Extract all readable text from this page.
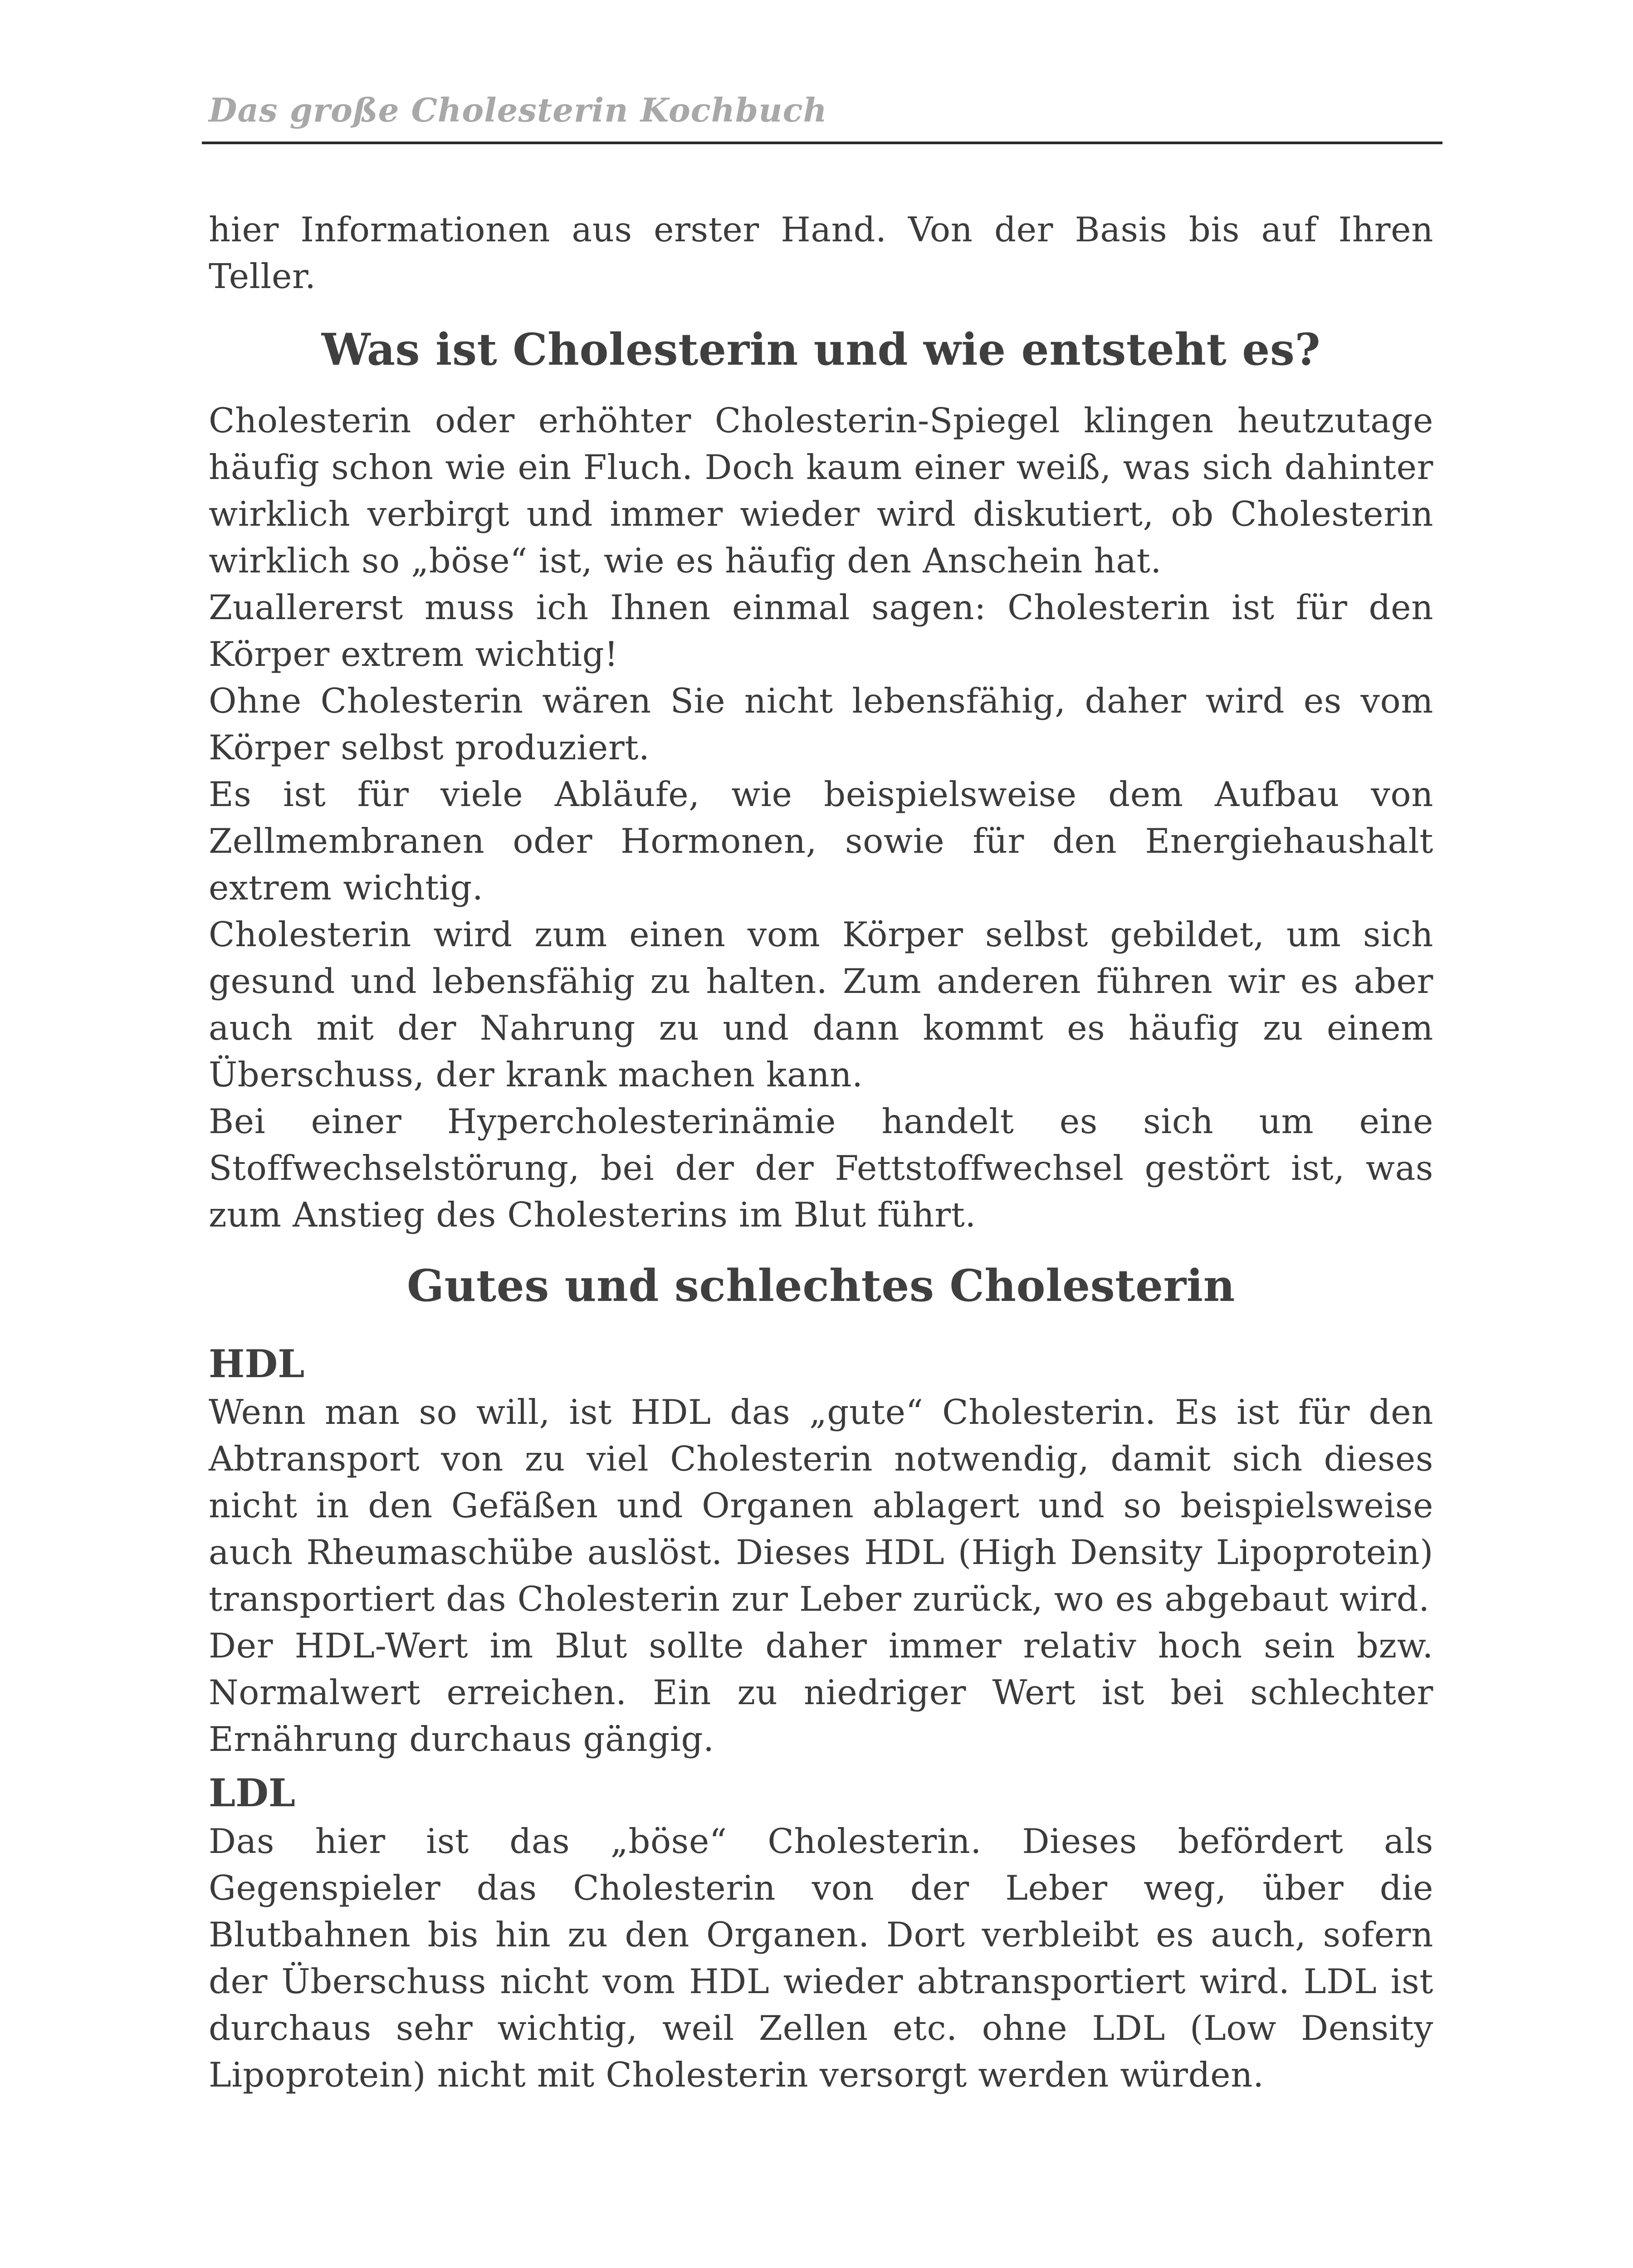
Das große Cholesterin Kochbuch

hier Informationen aus erster Hand. Von der Basis bis auf Ihren Teller.

Was ist Cholesterin und wie entsteht es?

Cholesterin oder erhöhter Cholesterin-Spiegel klingen heutzutage häufig schon wie ein Fluch. Doch kaum einer weiß, was sich dahinter wirklich verbirgt und immer wieder wird diskutiert, ob Cholesterin wirklich so „böse“ ist, wie es häufig den Anschein hat.

Zuallererst muss ich Ihnen einmal sagen: Cholesterin ist für den Körper extrem wichtig!

Ohne Cholesterin wären Sie nicht lebensfähig, daher wird es vom Körper selbst produziert.

Es ist für viele Abläufe, wie beispielsweise dem Aufbau von Zellmembranen oder Hormonen, sowie für den Energiehaushalt extrem wichtig.

Cholesterin wird zum einen vom Körper selbst gebildet, um sich gesund und lebensfähig zu halten. Zum anderen führen wir es aber auch mit der Nahrung zu und dann kommt es häufig zu einem Überschuss, der krank machen kann.

Bei einer Hypercholesterinämie handelt es sich um eine Stoffwechselstörung, bei der der Fettstoffwechsel gestört ist, was zum Anstieg des Cholesterins im Blut führt.

Gutes und schlechtes Cholesterin
HDL

Wenn man so will, ist HDL das „gute“ Cholesterin. Es ist für den Abtransport von zu viel Cholesterin notwendig, damit sich dieses nicht in den Gefäßen und Organen ablagert und so beispielsweise auch Rheumaschübe auslöst. Dieses HDL (High Density Lipoprotein) transportiert das Cholesterin zur Leber zurück, wo es abgebaut wird.

Der HDL-Wert im Blut sollte daher immer relativ hoch sein bzw. Normalwert erreichen. Ein zu niedriger Wert ist bei schlechter Ernährung durchaus gängig.

LDL

Das hier ist das „böse“ Cholesterin. Dieses befördert als Gegenspieler das Cholesterin von der Leber weg, über die Blutbahnen bis hin zu den Organen. Dort verbleibt es auch, sofern der Überschuss nicht vom HDL wieder abtransportiert wird. LDL ist durchaus sehr wichtig, weil Zellen etc. ohne LDL (Low Density Lipoprotein) nicht mit Cholesterin versorgt werden würden.
